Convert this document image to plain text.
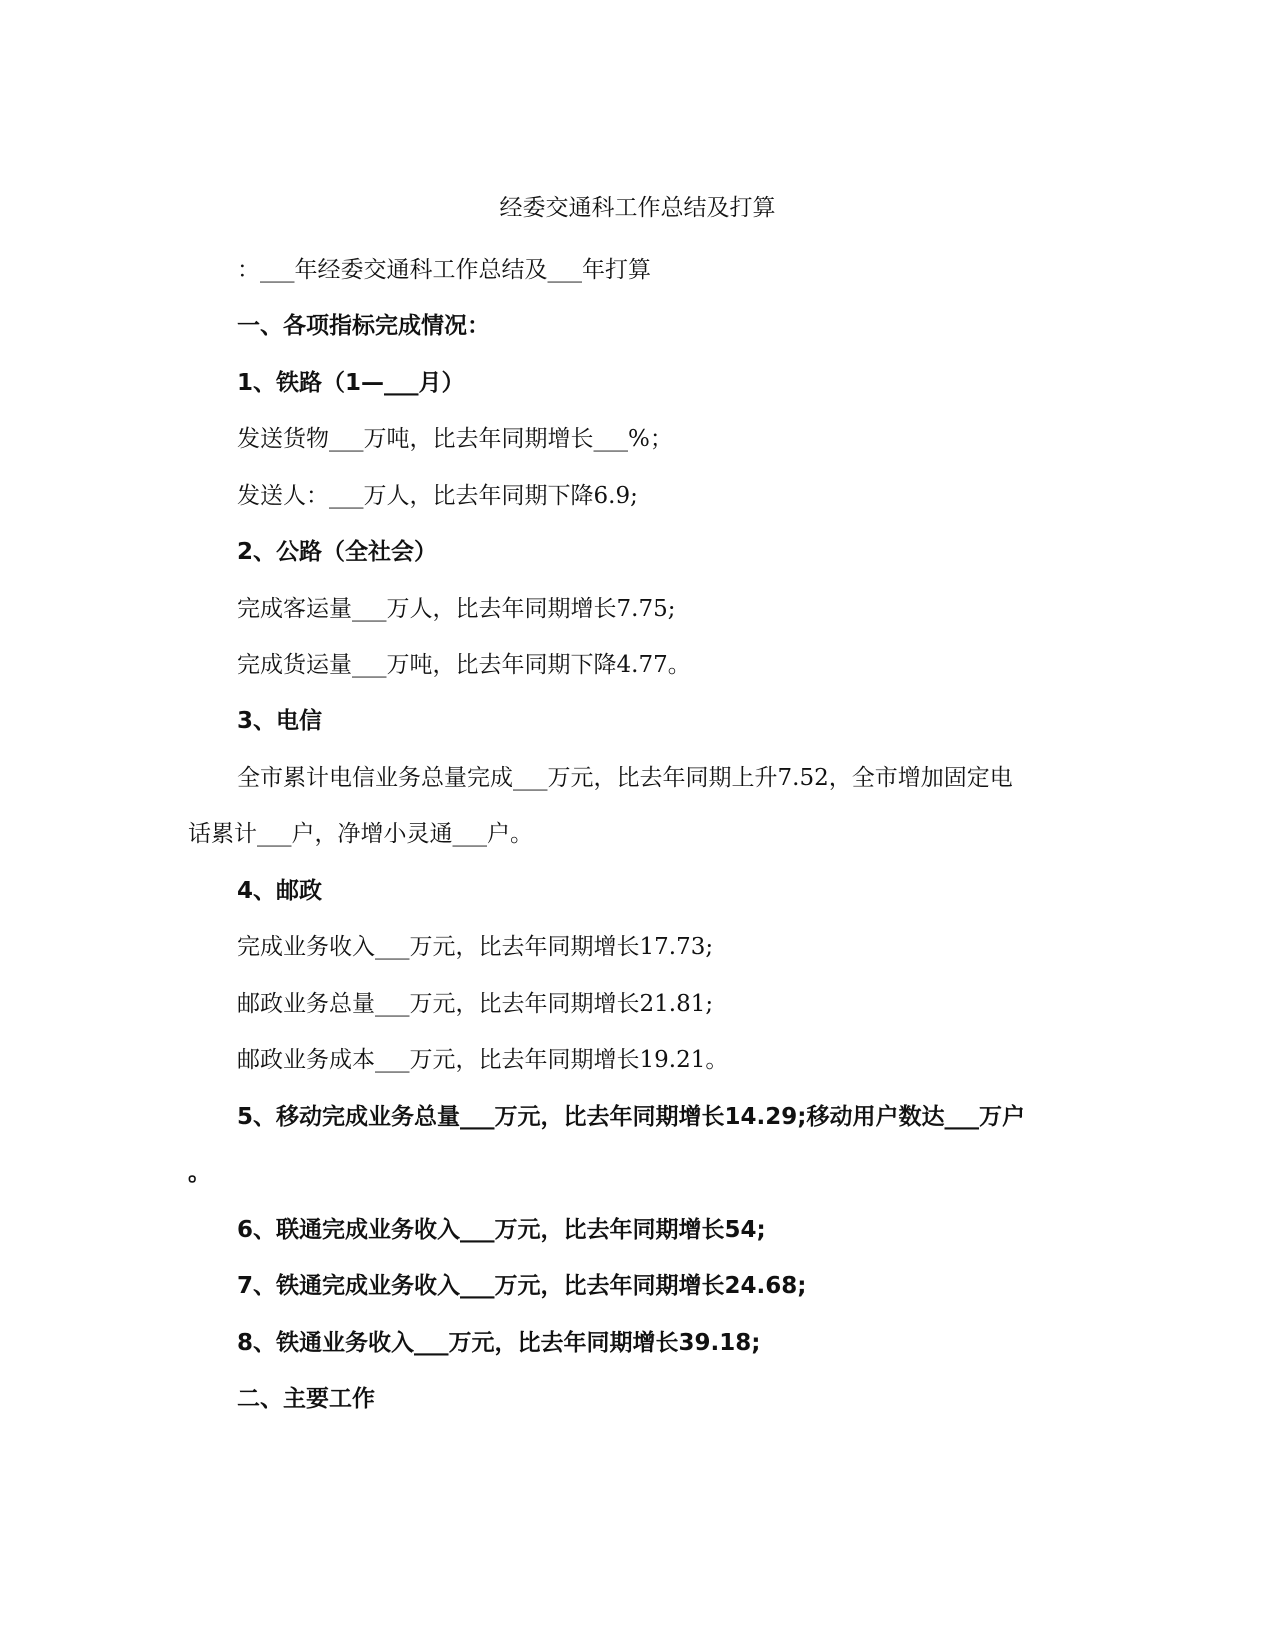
经委交通科工作总结及打算
：___年经委交通科工作总结及___年打算
一、各项指标完成情况：
1、铁路（1—___月）
发送货物___万吨，比去年同期增长___%；
发送人：___万人，比去年同期下降6.9;
2、公路（全社会）
完成客运量___万人，比去年同期增长7.75;
完成货运量___万吨，比去年同期下降4.77。
3、电信
全市累计电信业务总量完成___万元，比去年同期上升7.52，全市增加固定电
话累计___户，净增小灵通___户。
4、邮政
完成业务收入___万元，比去年同期增长17.73;
邮政业务总量___万元，比去年同期增长21.81;
邮政业务成本___万元，比去年同期增长19.21。
5、移动完成业务总量___万元，比去年同期增长14.29;移动用户数达___万户
。
6、联通完成业务收入___万元，比去年同期增长54;
7、铁通完成业务收入___万元，比去年同期增长24.68;
8、铁通业务收入___万元，比去年同期增长39.18;
二、主要工作
